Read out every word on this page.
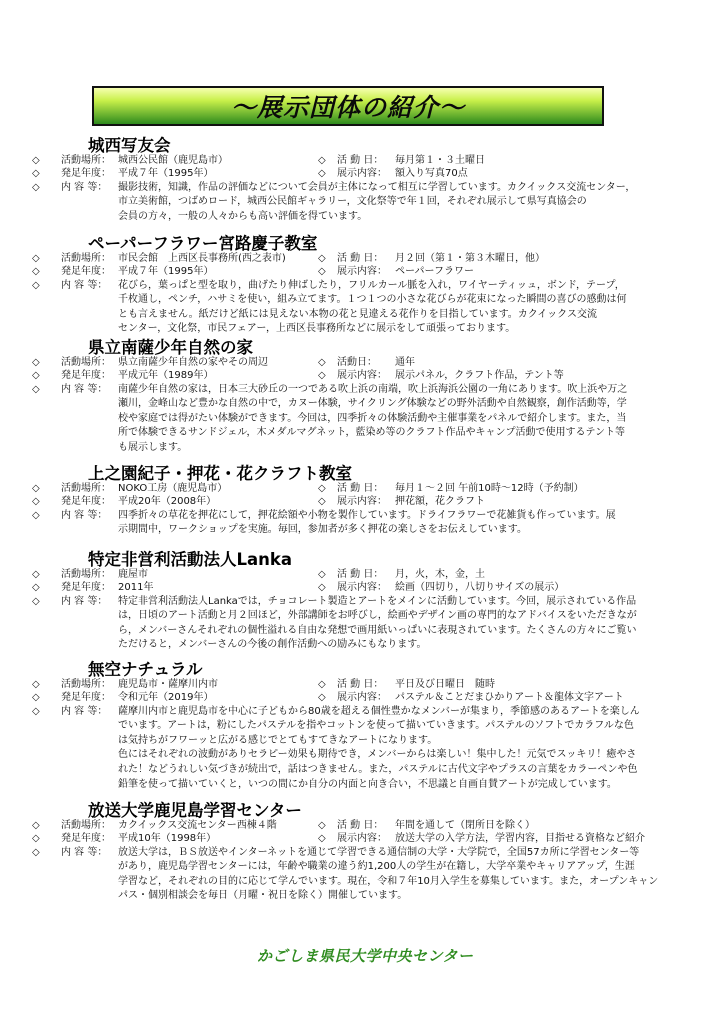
～展示団体の紹介～
城西写友会
◇ 活動場所： 城西公民館（鹿児島市）	◇ 活 動 日：	毎月第１・３土曜日
◇ 発足年度： 平成７年（1995年）	◇ 展示内容： 額入り写真70点
◇ 内 容 等：	撮影技術，知識，作品の評価などについて会員が主体になって相互に学習しています。カクイックス交流センター，
市立美術館，つばめロード，城西公民館ギャラリー，文化祭等で年１回，それぞれ展示して県写真協会の
会員の方々，一般の人々からも高い評価を得ています。
ペーパーフラワー宮路慶子教室
◇ 活動場所： 市民会館　上西区長事務所(西之表市)	◇ 活 動 日：	月２回（第１・第３木曜日，他）
◇ 発足年度： 平成７年（1995年）	◇ 展示内容： ペーパーフラワー
◇ 内 容 等：	花びら，葉っぱと型を取り，曲げたり伸ばしたり，フリルカール脈を入れ，ワイヤーティッュ，ボンド，テープ，
千枚通し，ペンチ，ハサミを使い，組み立てます。１つ１つの小さな花びらが花束になった瞬間の喜びの感動は何
とも言えません。紙だけど紙には見えない本物の花と見違える花作りを目指しています。カクイックス交流
センター，文化祭，市民フェアー，上西区長事務所などに展示をして頑張っております。
県立南薩少年自然の家
◇ 活動場所： 県立南薩少年自然の家やその周辺	◇ 活動日：	通年
◇ 発足年度： 平成元年（1989年）	◇ 展示内容： 展示パネル，クラフト作品，テント等
◇ 内 容 等：	南薩少年自然の家は，日本三大砂丘の一つである吹上浜の南端，吹上浜海浜公園の一角にあります。吹上浜や万之
瀬川，金峰山など豊かな自然の中で，カヌー体験，サイクリング体験などの野外活動や自然観察，創作活動等，学
校や家庭では得がたい体験ができます。今回は，四季折々の体験活動や主催事業をパネルで紹介します。また，当
所で体験できるサンドジェル，木メダルマグネット，藍染め等のクラフト作品やキャンプ活動で使用するテント等
も展示します。
上之園紀子・押花・花クラフト教室
◇ 活動場所： NOKO工房（鹿児島市）	◇ 活 動 日：	毎月１～２回 午前10時～12時（予約制）
◇ 発足年度： 平成20年（2008年）	◇ 展示内容： 押花額，花クラフト
◇ 内 容 等：	四季折々の草花を押花にして，押花絵額や小物を製作しています。ドライフラワーで花雑貨も作っています。展
示期間中，ワークショップを実施。毎回，参加者が多く押花の楽しさをお伝えしています。
特定非営利活動法人Lanka
◇ 活動場所： 鹿屋市	◇ 活 動 日：	月，火，木，金，土
◇ 発足年度： 2011年	◇ 展示内容： 絵画（四切り，八切りサイズの展示）
◇ 内 容 等：	特定非営利活動法人Lankaでは，チョコレート製造とアートをメインに活動しています。今回，展示されている作品
は，日頃のアート活動と月２回ほど，外部講師をお呼びし，絵画やデザイン画の専門的なアドバイスをいただきなが
ら，メンバーさんそれぞれの個性溢れる自由な発想で画用紙いっぱいに表現されています。たくさんの方々にご覧い
ただけると，メンバーさんの今後の創作活動への励みにもなります。
無空ナチュラル
◇ 活動場所： 鹿児島市・薩摩川内市	◇ 活 動 日：	平日及び日曜日　随時
◇ 発足年度： 令和元年（2019年）	◇ 展示内容： パステル＆ことだまひかりアート＆龍体文字アート
◇ 内 容 等：	薩摩川内市と鹿児島市を中心に子どもから80歳を超える個性豊かなメンバーが集まり，季節感のあるアートを楽しん
でいます。アートは，粉にしたパステルを指やコットンを使って描いていきます。パステルのソフトでカラフルな色
は気持ちがフワーッと広がる感じでとてもすてきなアートになります。
色にはそれぞれの波動がありセラピー効果も期待でき，メンバーからは楽しい！集中した！元気でスッキリ！癒やさ
れた！などうれしい気づきが続出で，話はつきません。また，パステルに古代文字やプラスの言葉をカラーペンや色
鉛筆を使って描いていくと，いつの間にか自分の内面と向き合い，不思議と自画自賛アートが完成しています。
放送大学鹿児島学習センター
◇ 活動場所： カクイックス交流センター西棟４階	◇ 活 動 日：	年間を通して（閉所日を除く）
◇ 発足年度： 平成10年（1998年）	◇ 展示内容： 放送大学の入学方法，学習内容，目指せる資格など紹介
◇ 内 容 等：	放送大学は，ＢＳ放送やインターネットを通じて学習できる通信制の大学・大学院で，全国57カ所に学習センター等
があり，鹿児島学習センターには，年齢や職業の違う約1,200人の学生が在籍し，大学卒業やキャリアアップ，生涯
学習など，それぞれの目的に応じて学んでいます。現在，令和７年10月入学生を募集しています。また，オープンキャン
パス・個別相談会を毎日（月曜・祝日を除く）開催しています。
かごしま県民大学中央センター
